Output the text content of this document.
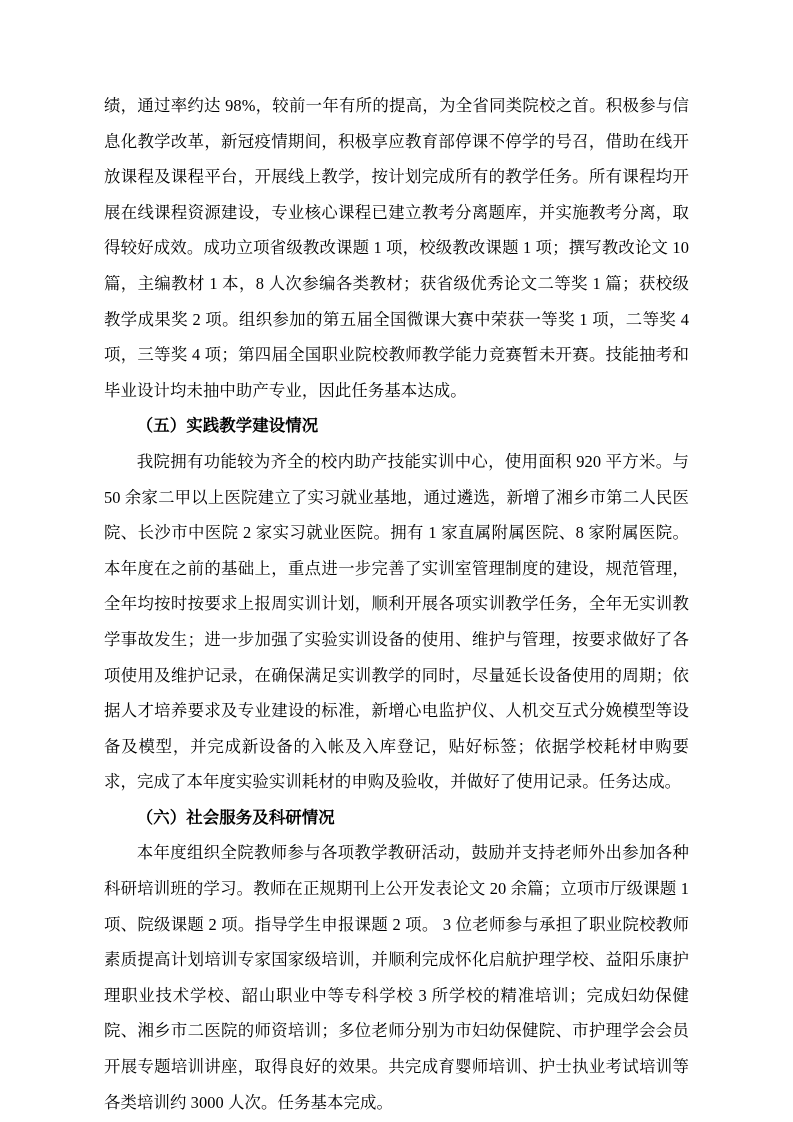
绩，通过率约达 98%，较前一年有所的提高，为全省同类院校之首。积极参与信息化教学改革，新冠疫情期间，积极享应教育部停课不停学的号召，借助在线开放课程及课程平台，开展线上教学，按计划完成所有的教学任务。所有课程均开展在线课程资源建设，专业核心课程已建立教考分离题库，并实施教考分离，取得较好成效。成功立项省级教改课题 1 项，校级教改课题 1 项；撰写教改论文 10 篇，主编教材 1 本，8 人次参编各类教材；获省级优秀论文二等奖 1 篇；获校级教学成果奖 2 项。组织参加的第五届全国微课大赛中荣获一等奖 1 项，二等奖 4 项，三等奖 4 项；第四届全国职业院校教师教学能力竞赛暂未开赛。技能抽考和毕业设计均未抽中助产专业，因此任务基本达成。

（五）实践教学建设情况

我院拥有功能较为齐全的校内助产技能实训中心，使用面积 920 平方米。与 50 余家二甲以上医院建立了实习就业基地，通过遴选，新增了湘乡市第二人民医院、长沙市中医院 2 家实习就业医院。拥有 1 家直属附属医院、8 家附属医院。本年度在之前的基础上，重点进一步完善了实训室管理制度的建设，规范管理，全年均按时按要求上报周实训计划，顺利开展各项实训教学任务，全年无实训教学事故发生；进一步加强了实验实训设备的使用、维护与管理，按要求做好了各项使用及维护记录，在确保满足实训教学的同时，尽量延长设备使用的周期；依据人才培养要求及专业建设的标准，新增心电监护仪、人机交互式分娩模型等设备及模型，并完成新设备的入帐及入库登记，贴好标签；依据学校耗材申购要求，完成了本年度实验实训耗材的申购及验收，并做好了使用记录。任务达成。

（六）社会服务及科研情况

本年度组织全院教师参与各项教学教研活动，鼓励并支持老师外出参加各种科研培训班的学习。教师在正规期刊上公开发表论文 20 余篇；立项市厅级课题 1 项、院级课题 2 项。指导学生申报课题 2 项。 3 位老师参与承担了职业院校教师素质提高计划培训专家国家级培训，并顺利完成怀化启航护理学校、益阳乐康护理职业技术学校、韶山职业中等专科学校 3 所学校的精准培训；完成妇幼保健院、湘乡市二医院的师资培训；多位老师分别为市妇幼保健院、市护理学会会员开展专题培训讲座，取得良好的效果。共完成育婴师培训、护士执业考试培训等各类培训约 3000 人次。任务基本完成。
